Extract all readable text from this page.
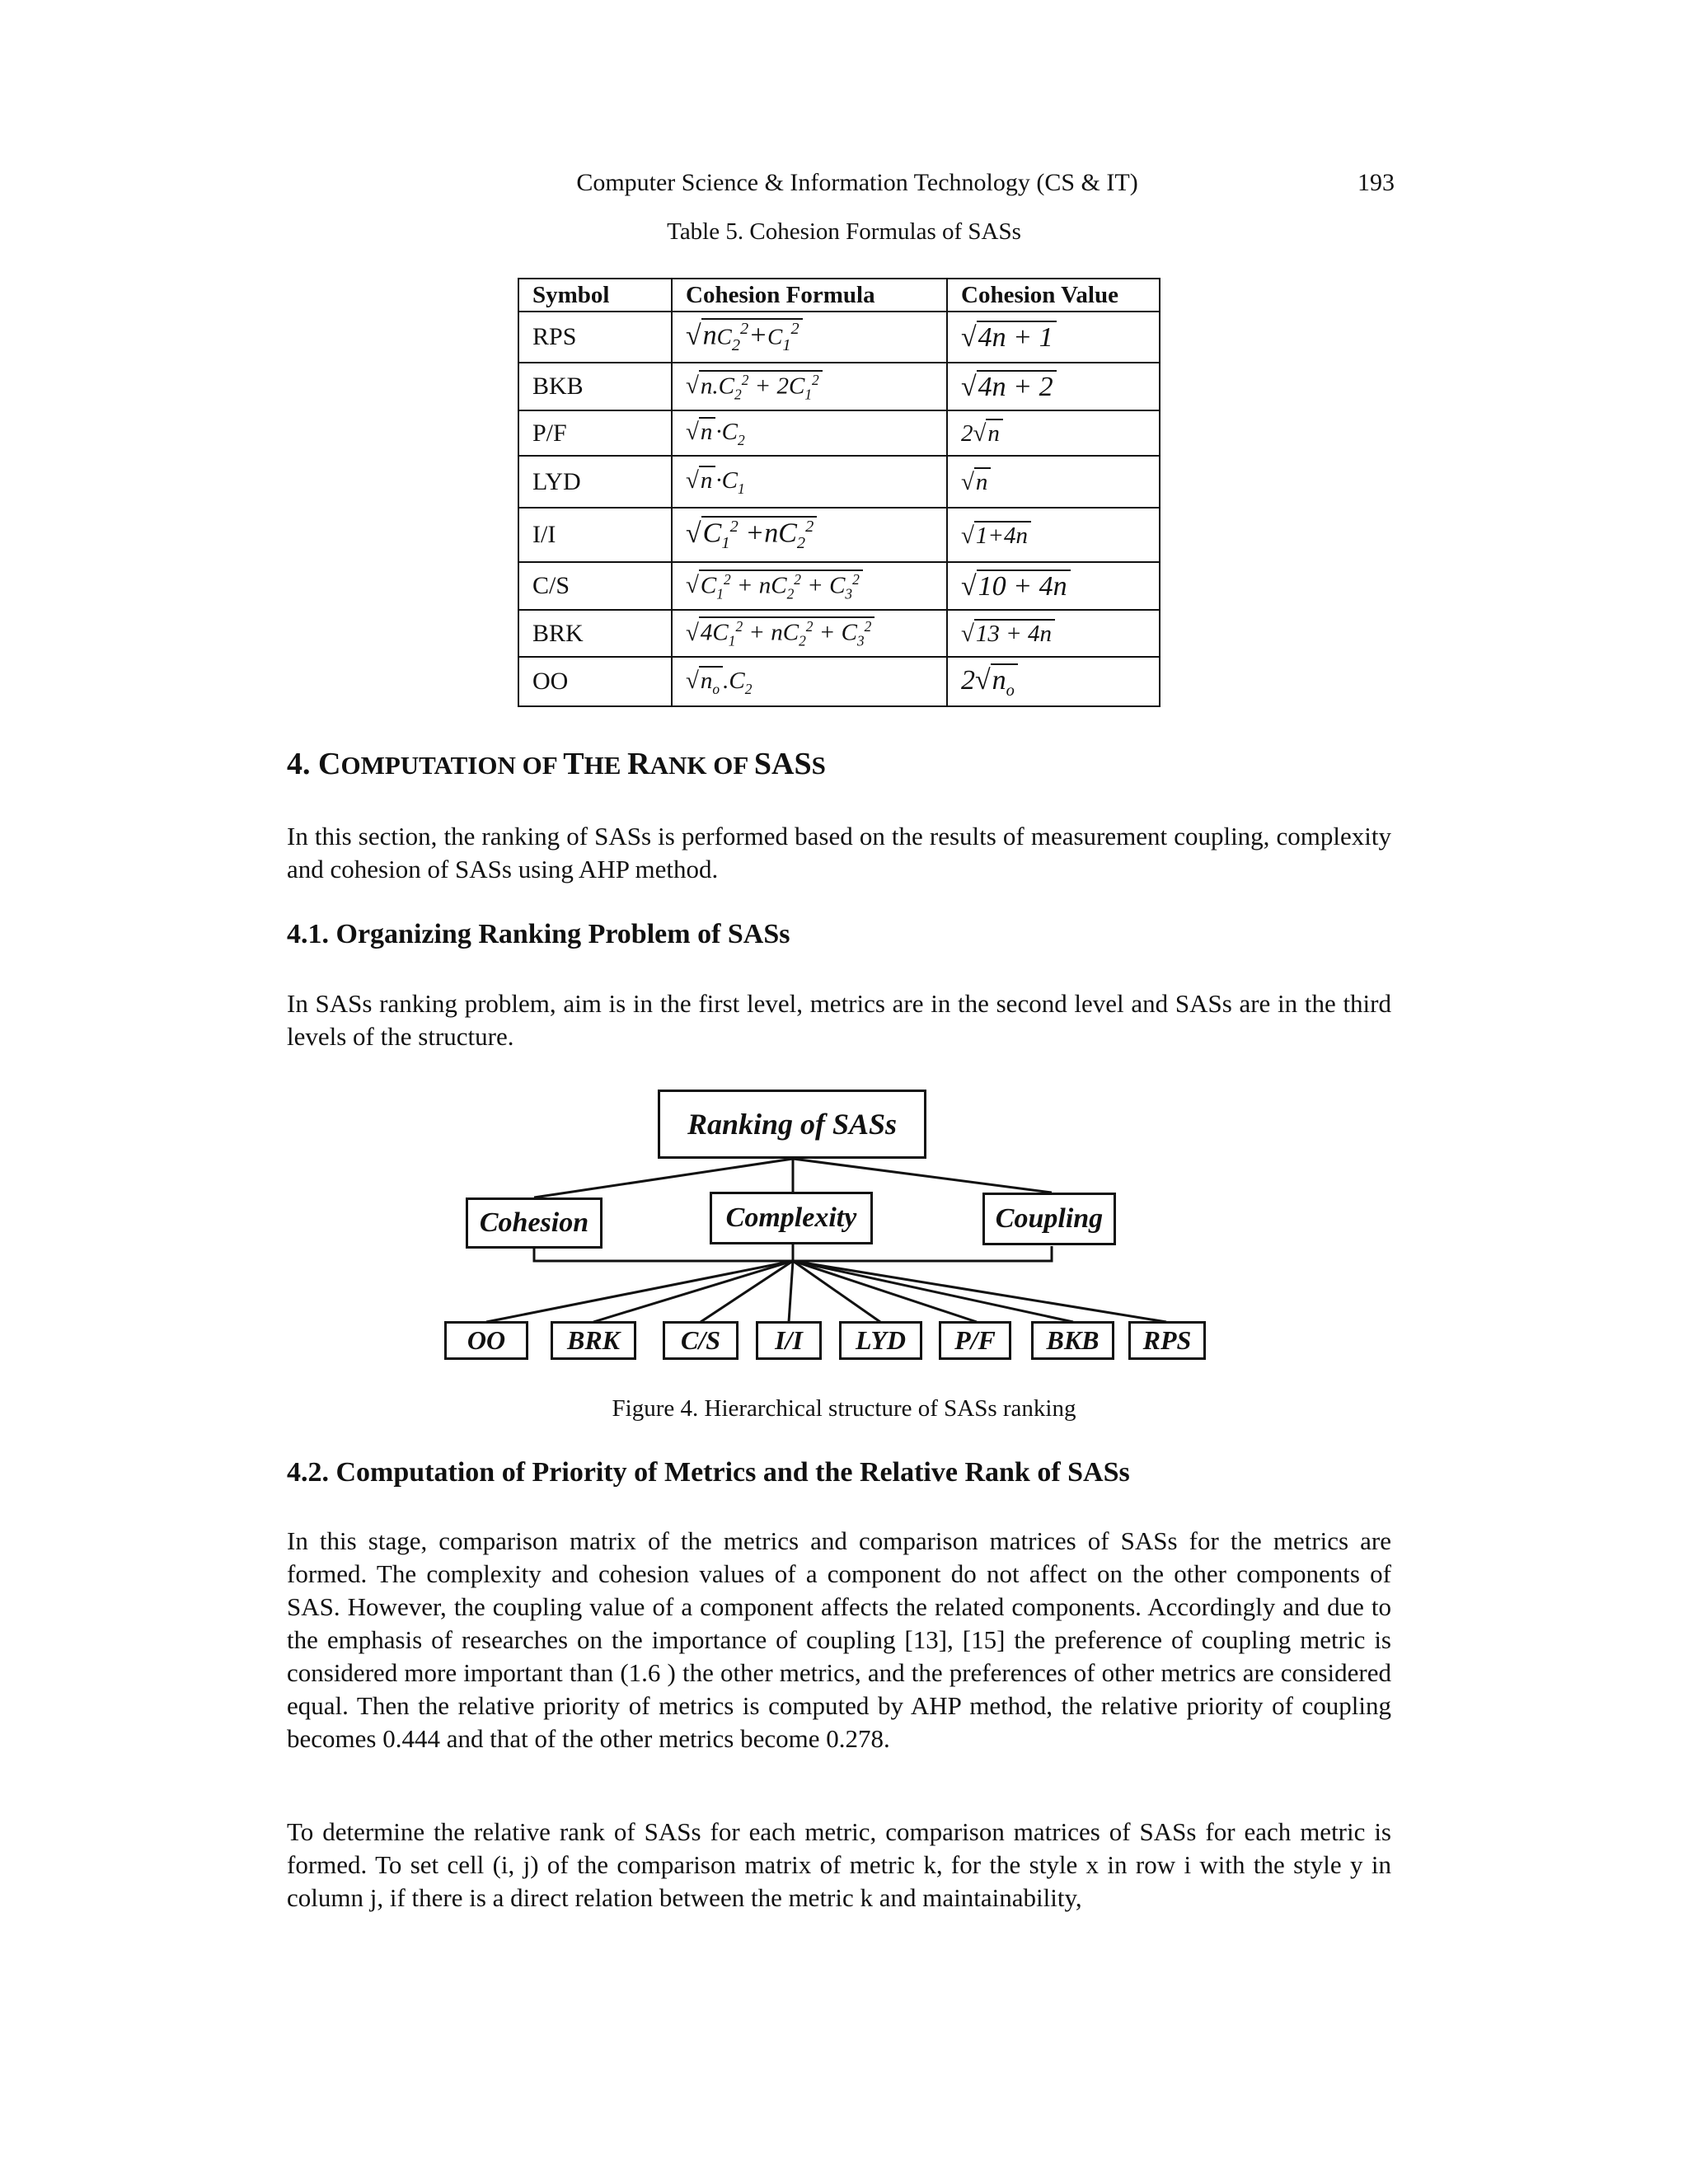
Computer Science & Information Technology (CS & IT)	193
Table 5. Cohesion Formulas of SASs
Symbol	Cohesion Formula	Cohesion Value
RPS	$√nC_2^2+C_1^2$	√4n + 1
BKB	$√n.C_2^2 + 2C_1^2$	√4n + 2
P/F	$√n \cdot C_2$	2√n
LYD	$√n \cdot C_1$	√n
I/I	$√C_1^2 +nC_2^2$	√1+4n
C/S	$√C_1^2 + nC_2^2 + C_3^2$	√10 + 4n
BRK	$√4C_1^2 + nC_2^2 + C_3^2$	√13 + 4n
OO	$√n_o$ $.C_2$	$2√n_o$
4. COMPUTATION OF THE RANK OF SASS
In this section, the ranking of SASs is performed based on the results of measurement coupling, complexity and cohesion of SASs using AHP method.
4.1. Organizing Ranking Problem of SASs
In SASs ranking problem, aim is in the first level, metrics are in the second level and SASs are in the third levels of the structure.
Ranking of SASs
Cohesion	Complexity	Coupling
OO	BRK	C/S	I/I	LYD	P/F	BKB	RPS
Figure 4. Hierarchical structure of SASs ranking
4.2. Computation of Priority of Metrics and the Relative Rank of SASs
In this stage, comparison matrix of the metrics and comparison matrices of SASs for the metrics are formed. The complexity and cohesion values of a component do not affect on the other components of SAS. However, the coupling value of a component affects the related components. Accordingly and due to the emphasis of researches on the importance of coupling [13], [15] the preference of coupling metric is considered more important than (1.6 ) the other metrics, and the preferences of other metrics are considered equal. Then the relative priority of metrics is computed by AHP method, the relative priority of coupling becomes 0.444 and that of the other metrics become 0.278.
To determine the relative rank of SASs for each metric, comparison matrices of SASs for each metric is formed. To set cell (i, j) of the comparison matrix of metric k, for the style x in row i with the style y in column j, if there is a direct relation between the metric k and maintainability,
